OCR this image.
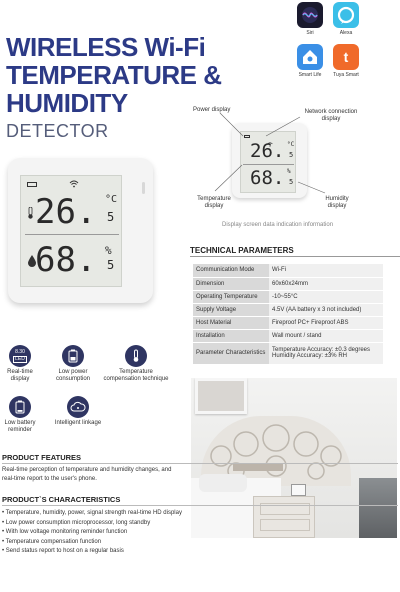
WIRELESS Wi-Fi
TEMPERATURE &
HUMIDITY
DETECTOR
Siri	Alexa
Smart Life
t
Tuya Smart
26. 5
°C
68. 5
%
26. °C
5
68. %
5
Power display	Network connection display
Temperature display
Humidity display
Display screen data indication information
TECHNICAL PARAMETERS
Communication Mode	Wi-Fi
Dimension	60x60x24mm
Operating Temperature	-10~55°C
Supply Voltage	4.5V (AA battery x 3 not included)
Host Material	Fireproof PC+ Fireproof ABS
Installation	Wall mount / stand
Parameter Characteristics	Temperature Accuracy: ±0.3 degrees
Humidity Accuracy: ±3% RH
8.30
LED
Real-time
display
Low power
consumption
Temperature
compensation technique
Low battery
reminder
Intelligent linkage
PRODUCT FEATURES
Real-time perception of temperature and humidity changes, and
real-time report to the user's phone.
PRODUCT`S CHARACTERISTICS
• Temperature, humidity, power, signal strength real-time HD display
• Low power consumption microprocessor, long standby
• With low voltage monitoring reminder function
• Temperature compensation function
• Send status report to host on a regular basis
